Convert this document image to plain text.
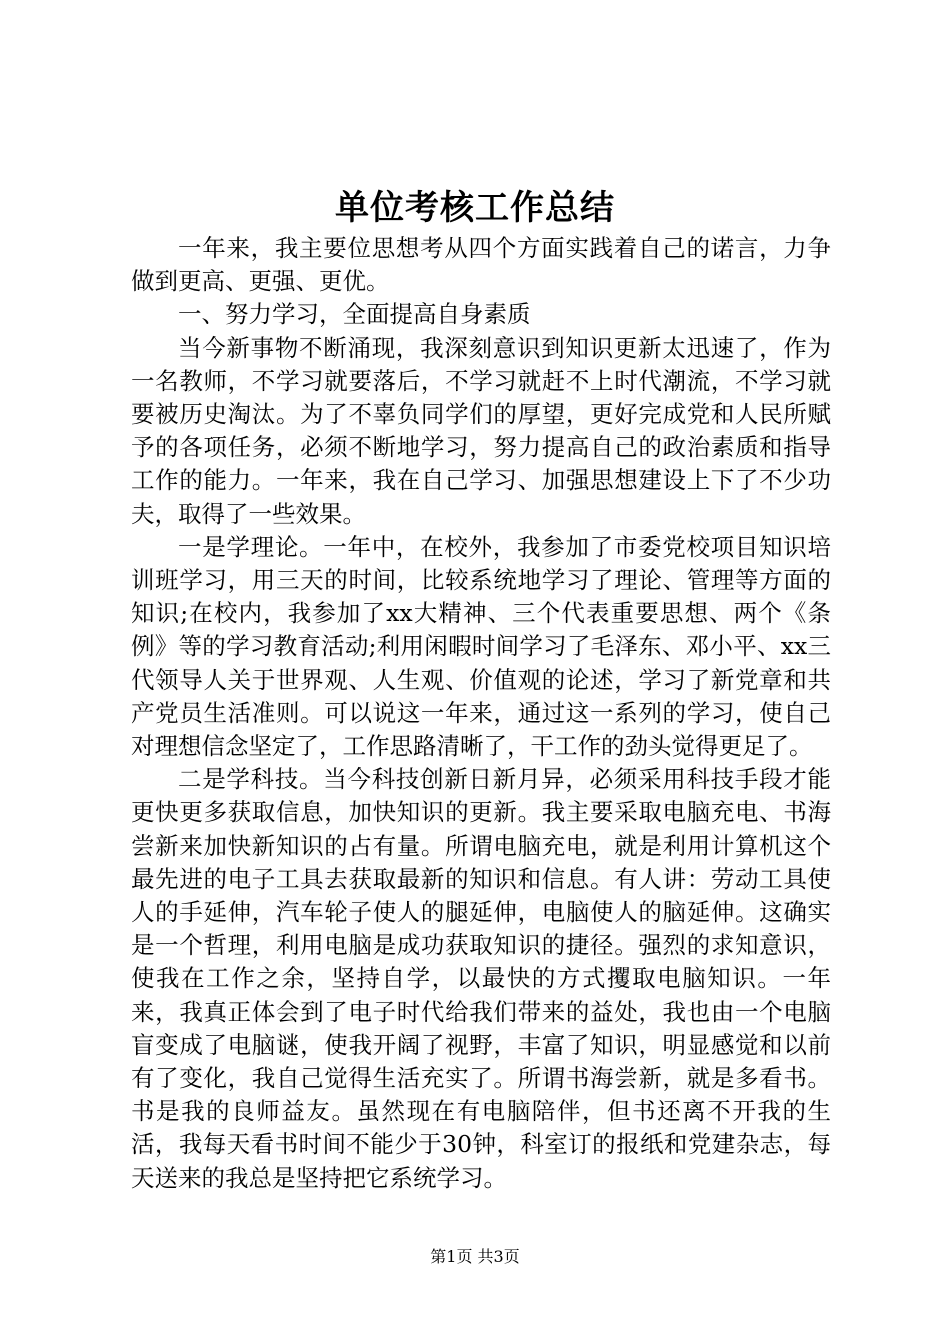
单位考核工作总结

一年来，我主要位思想考从四个方面实践着自己的诺言，力争做到更高、更强、更优。

一、努力学习，全面提高自身素质

当今新事物不断涌现，我深刻意识到知识更新太迅速了，作为一名教师，不学习就要落后，不学习就赶不上时代潮流，不学习就要被历史淘汰。为了不辜负同学们的厚望，更好完成党和人民所赋予的各项任务，必须不断地学习，努力提高自己的政治素质和指导工作的能力。一年来，我在自己学习、加强思想建设上下了不少功夫，取得了一些效果。

一是学理论。一年中，在校外，我参加了市委党校项目知识培训班学习，用三天的时间，比较系统地学习了理论、管理等方面的知识;在校内，我参加了xx大精神、三个代表重要思想、两个《条例》等的学习教育活动;利用闲暇时间学习了毛泽东、邓小平、xx三代领导人关于世界观、人生观、价值观的论述，学习了新党章和共产党员生活准则。可以说这一年来，通过这一系列的学习，使自己对理想信念坚定了，工作思路清晰了，干工作的劲头觉得更足了。

二是学科技。当今科技创新日新月异，必须采用科技手段才能更快更多获取信息，加快知识的更新。我主要采取电脑充电、书海尝新来加快新知识的占有量。所谓电脑充电，就是利用计算机这个最先进的电子工具去获取最新的知识和信息。有人讲：劳动工具使人的手延伸，汽车轮子使人的腿延伸，电脑使人的脑延伸。这确实是一个哲理，利用电脑是成功获取知识的捷径。强烈的求知意识，使我在工作之余，坚持自学，以最快的方式攫取电脑知识。一年来，我真正体会到了电子时代给我们带来的益处，我也由一个电脑盲变成了电脑谜，使我开阔了视野，丰富了知识，明显感觉和以前有了变化，我自己觉得生活充实了。所谓书海尝新，就是多看书。书是我的良师益友。虽然现在有电脑陪伴，但书还离不开我的生活，我每天看书时间不能少于30钟，科室订的报纸和党建杂志，每天送来的我总是坚持把它系统学习。

第1页 共3页
